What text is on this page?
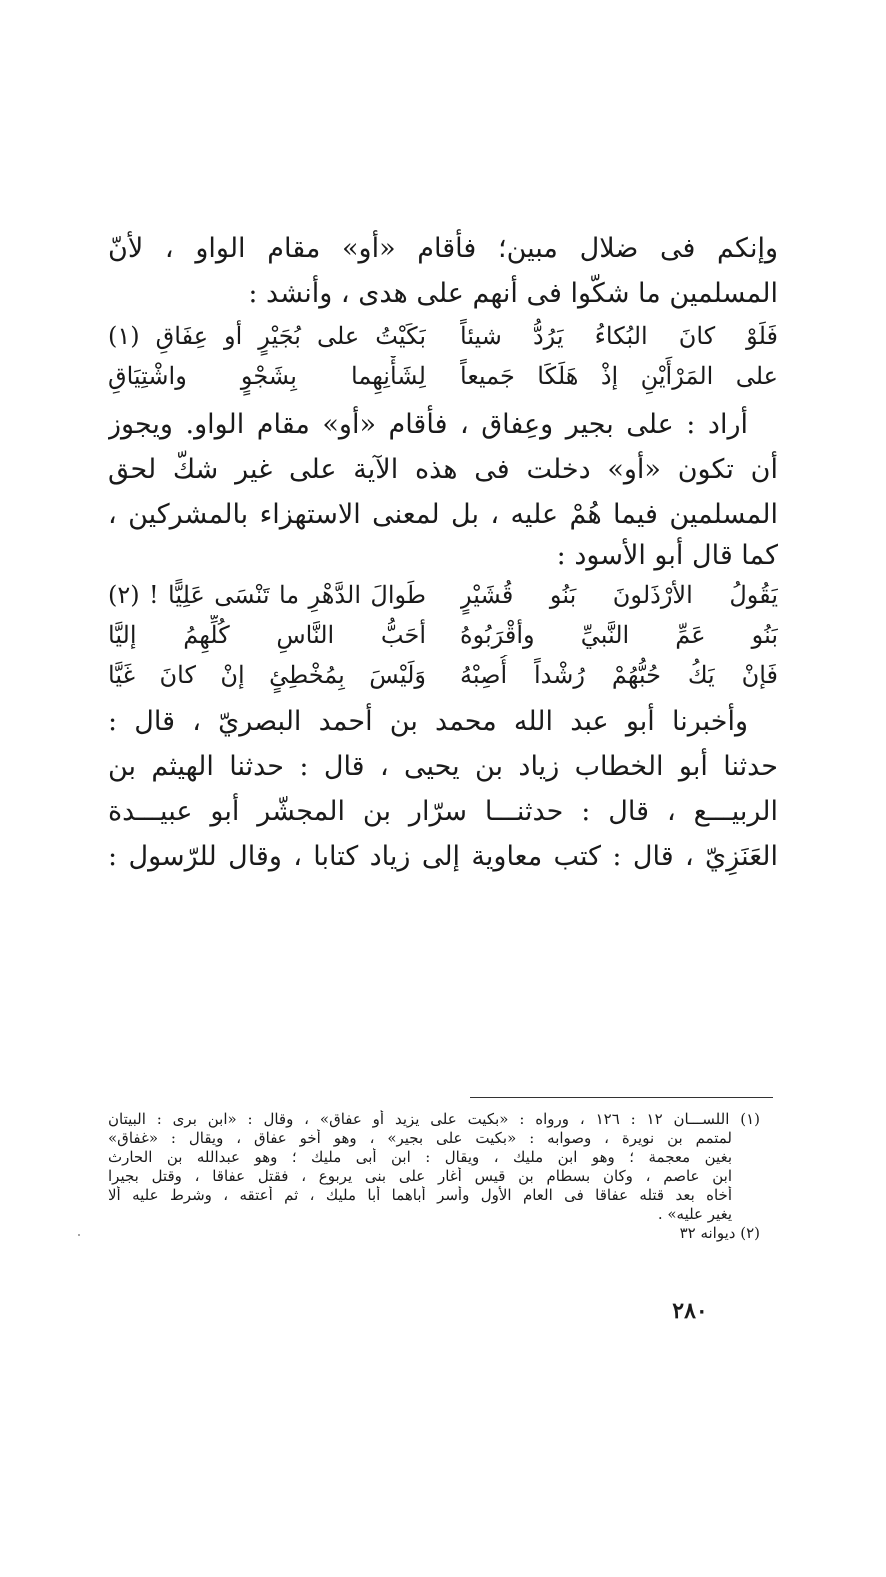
وإنكم فى ضلال مبين؛ فأقام «أو» مقام الواو ، لأنّ
المسلمين ما شكّوا فى أنهم على هدى ، وأنشد :
فَلَوْ كانَ البُكاءُ يَرُدُّ شيئاً
بَكَيْتُ على بُجَيْرٍ أو عِفَاقِ (١)
على المَرْأَيْنِ إذْ هَلَكَا جَميعاً
لِشَأْنِهِما بِشَجْوٍ واشْتِيَاقِ
أراد : على بجير وعِفاق ، فأقام «أو» مقام الواو. ويجوز
أن تكون «أو» دخلت فى هذه الآية على غير شكّ لحق
المسلمين فيما هُمْ عليه ، بل لمعنى الاستهزاء بالمشركين ،
كما قال أبو الأسود :
يَقُولُ الأرْذَلونَ بَنُو قُشَيْرٍ
طَوالَ الدَّهْرِ ما تَنْسَى عَلِيًّا ! (٢)
بَنُو عَمِّ النَّبيِّ وأقْرَبُوهُ
أحَبُّ النَّاسِ كُلِّهِمُ إليَّا
فَإنْ يَكُ حُبُّهُمْ رُشْداً أُصِبْهُ
وَلَيْسَ بِمُخْطِئٍ إنْ كانَ غَيَّا
وأخبرنا أبو عبد الله محمد بن أحمد البصريّ ، قال :
حدثنا أبو الخطاب زياد بن يحيى ، قال : حدثنا الهيثم بن
الربيـــع ، قال : حدثنـــا سرّار بن المجشّر أبو عبيـــدة
العَنَزِيّ ، قال : كتب معاوية إلى زياد كتابا ، وقال للرّسول :
(١) اللســـان ١٢ : ١٢٦ ، ورواه : «بكيت على يزيد أو عفاق» ، وقال : «ابن برى : البيتان
لمتمم بن نويرة ، وصوابه : «بكيت على بجير» ، وهو أخو عفاق ، ويقال : «غفاق»
بغين معجمة ؛ وهو ابن مليك ، ويقال : ابن أبى مليك ؛ وهو عبدالله بن الحارث
ابن عاصم ، وكان بسطام بن قيس أغار على بنى يربوع ، فقتل عفاقا ، وقتل بجيرا
أخاه بعد قتله عفاقا فى العام الأول وأسر أباهما أبا مليك ، ثم أعتقه ، وشرط عليه ألا
يغير عليه» .
(٢) ديوانه ٣٢
٢٨٠
